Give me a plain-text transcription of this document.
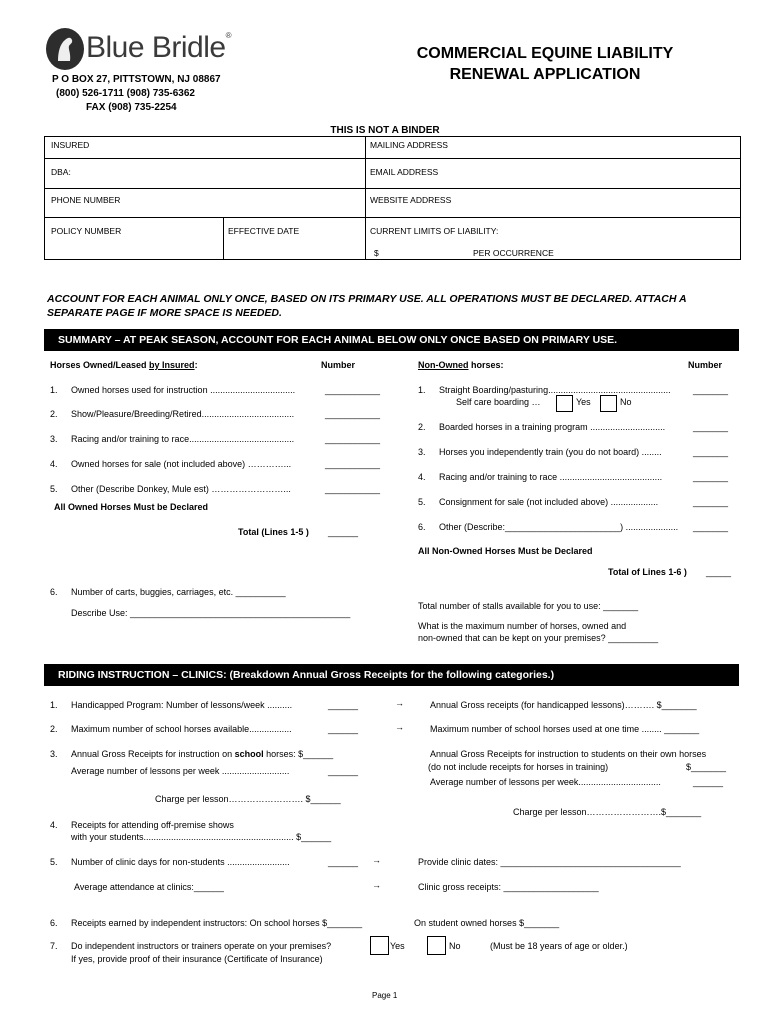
Blue Bridle®
P O BOX 27, PITTSTOWN, NJ 08867
(800) 526-1711 (908) 735-6362
FAX (908) 735-2254
COMMERCIAL EQUINE LIABILITY
RENEWAL APPLICATION
THIS IS NOT A BINDER
INSURED	MAILING ADDRESS
DBA:	EMAIL ADDRESS
PHONE NUMBER	WEBSITE ADDRESS
POLICY NUMBER	EFFECTIVE DATE	CURRENT LIMITS OF LIABILITY:
$	PER OCCURRENCE
ACCOUNT FOR EACH ANIMAL ONLY ONCE, BASED ON ITS PRIMARY USE. ALL OPERATIONS MUST BE DECLARED. ATTACH A SEPARATE PAGE IF MORE SPACE IS NEEDED.
SUMMARY – AT PEAK SEASON, ACCOUNT FOR EACH ANIMAL BELOW ONLY ONCE BASED ON PRIMARY USE.
Horses Owned/Leased by Insured:	Number	Non-Owned horses:	Number
1. Owned horses used for instruction ..................................	___________
2. Show/Pleasure/Breeding/Retired.....................................	___________
3. Racing and/or training to race..........................................	___________
4. Owned horses for sale (not included above) …………...	___________
5. Other (Describe Donkey, Mule est) ……………………...	___________
All Owned Horses Must be Declared
Total (Lines 1-5 ) ______
1. Straight Boarding/pasturing................................................. _______
Self care boarding …	Yes	No
2. Boarded horses in a training program ..............................	_______
3. Horses you independently train (you do not board) ........	_______
4. Racing and/or training to race .........................................	_______
5. Consignment for sale (not included above) ...................	_______
6. Other (Describe:_______________________) ..................... _______
All Non-Owned Horses Must be Declared
Total of Lines 1-6 ) _____
6. Number of carts, buggies, carriages, etc. __________
Describe Use: ____________________________________________
Total number of stalls available for you to use: _______
What is the maximum number of horses, owned and
non-owned that can be kept on your premises? __________
RIDING INSTRUCTION – CLINICS: (Breakdown Annual Gross Receipts for the following categories.)
1. Handicapped Program: Number of lessons/week ..........	______	→	Annual Gross receipts (for handicapped lessons)………. $_______
2. Maximum number of school horses available.................	______	→	Maximum number of school horses used at one time ........ _______
3. Annual Gross Receipts for instruction on school horses: $______
Average number of lessons per week ...........................	______
Annual Gross Receipts for instruction to students on their own horses
(do not include receipts for horses in training)	$_______
Average number of lessons per week.................................	______
Charge per lesson……………………. $______
Charge per lesson…………………….$_______
4. Receipts for attending off-premise shows
with your students............................................................ $______
5. Number of clinic days for non-students .........................	______ →	Provide clinic dates: ____________________________________
Average attendance at clinics:______	→	Clinic gross receipts: ___________________
6. Receipts earned by independent instructors: On school horses $_______	On student owned horses $_______
7. Do independent instructors or trainers operate on your premises?
If yes, provide proof of their insurance (Certificate of Insurance)
Yes	No	(Must be 18 years of age or older.)
Page 1
